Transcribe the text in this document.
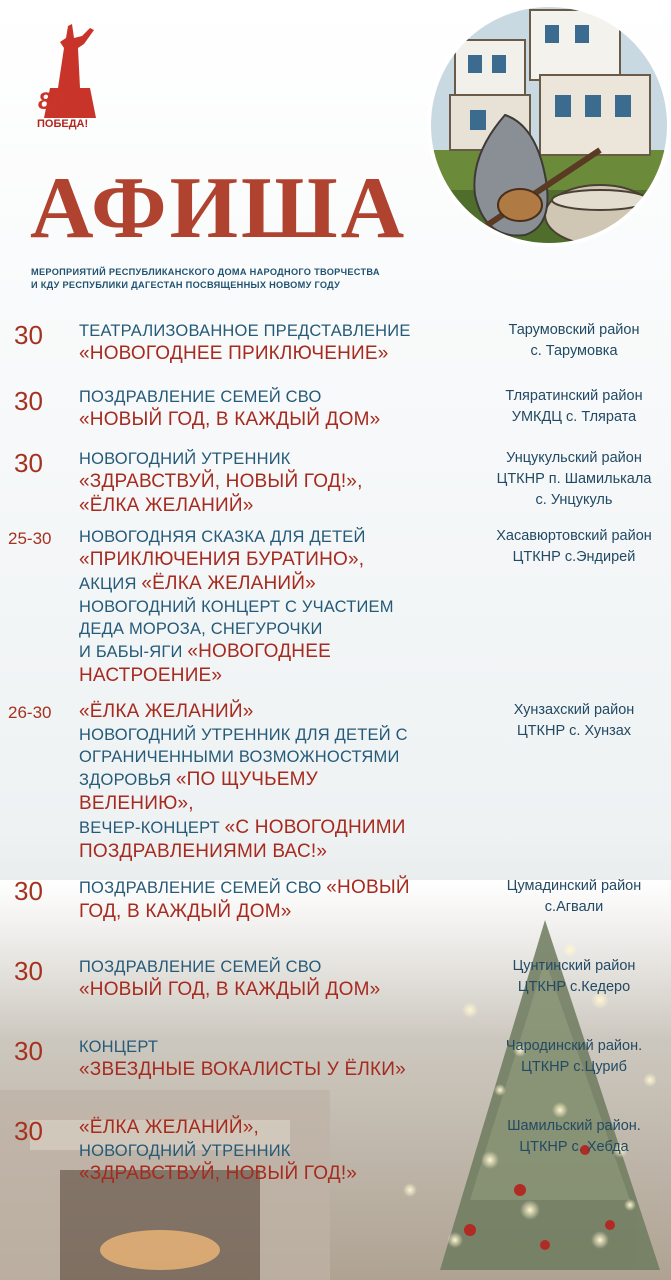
80
ПОБЕДА!
АФИША
МЕРОПРИЯТИЙ РЕСПУБЛИКАНСКОГО ДОМА НАРОДНОГО ТВОРЧЕСТВА
И КДУ РЕСПУБЛИКИ ДАГЕСТАН ПОСВЯЩЕННЫХ НОВОМУ ГОДУ
30 ТЕАТРАЛИЗОВАННОЕ ПРЕДСТАВЛЕНИЕ
«НОВОГОДНЕЕ ПРИКЛЮЧЕНИЕ»
Тарумовский район
с. Тарумовка
30 ПОЗДРАВЛЕНИЕ СЕМЕЙ СВО
«НОВЫЙ ГОД, В КАЖДЫЙ ДОМ»
Тляратинский район
УМКДЦ с. Тлярата
30 НОВОГОДНИЙ УТРЕННИК
«ЗДРАВСТВУЙ, НОВЫЙ ГОД!»,
«ЁЛКА ЖЕЛАНИЙ»
Унцукульский район
ЦТКНР п. Шамилькала
с. Унцукуль
25-30 НОВОГОДНЯЯ СКАЗКА ДЛЯ ДЕТЕЙ
«ПРИКЛЮЧЕНИЯ БУРАТИНО»,
АКЦИЯ «ЁЛКА ЖЕЛАНИЙ»
НОВОГОДНИЙ КОНЦЕРТ С УЧАСТИЕМ
ДЕДА МОРОЗА, СНЕГУРОЧКИ
И БАБЫ-ЯГИ «НОВОГОДНЕЕ
НАСТРОЕНИЕ»
Хасавюртовский район
ЦТКНР с.Эндирей
26-30 «ЁЛКА ЖЕЛАНИЙ»
НОВОГОДНИЙ УТРЕННИК ДЛЯ ДЕТЕЙ С
ОГРАНИЧЕННЫМИ ВОЗМОЖНОСТЯМИ
ЗДОРОВЬЯ «ПО ЩУЧЬЕМУ
ВЕЛЕНИЮ»,
ВЕЧЕР-КОНЦЕРТ «С НОВОГОДНИМИ
ПОЗДРАВЛЕНИЯМИ ВАС!»
Хунзахский район
ЦТКНР с. Хунзах
30 ПОЗДРАВЛЕНИЕ СЕМЕЙ СВО «НОВЫЙ
ГОД, В КАЖДЫЙ ДОМ»
Цумадинский район
с.Агвали
30 ПОЗДРАВЛЕНИЕ СЕМЕЙ СВО
«НОВЫЙ ГОД, В КАЖДЫЙ ДОМ»
Цунтинский район
ЦТКНР с.Кедеро
30 КОНЦЕРТ
«ЗВЕЗДНЫЕ ВОКАЛИСТЫ У ЁЛКИ»
Чародинский район.
ЦТКНР с.Цуриб
30 «ЁЛКА ЖЕЛАНИЙ»,
НОВОГОДНИЙ УТРЕННИК
«ЗДРАВСТВУЙ, НОВЫЙ ГОД!»
Шамильский район.
ЦТКНР с. Хебда
